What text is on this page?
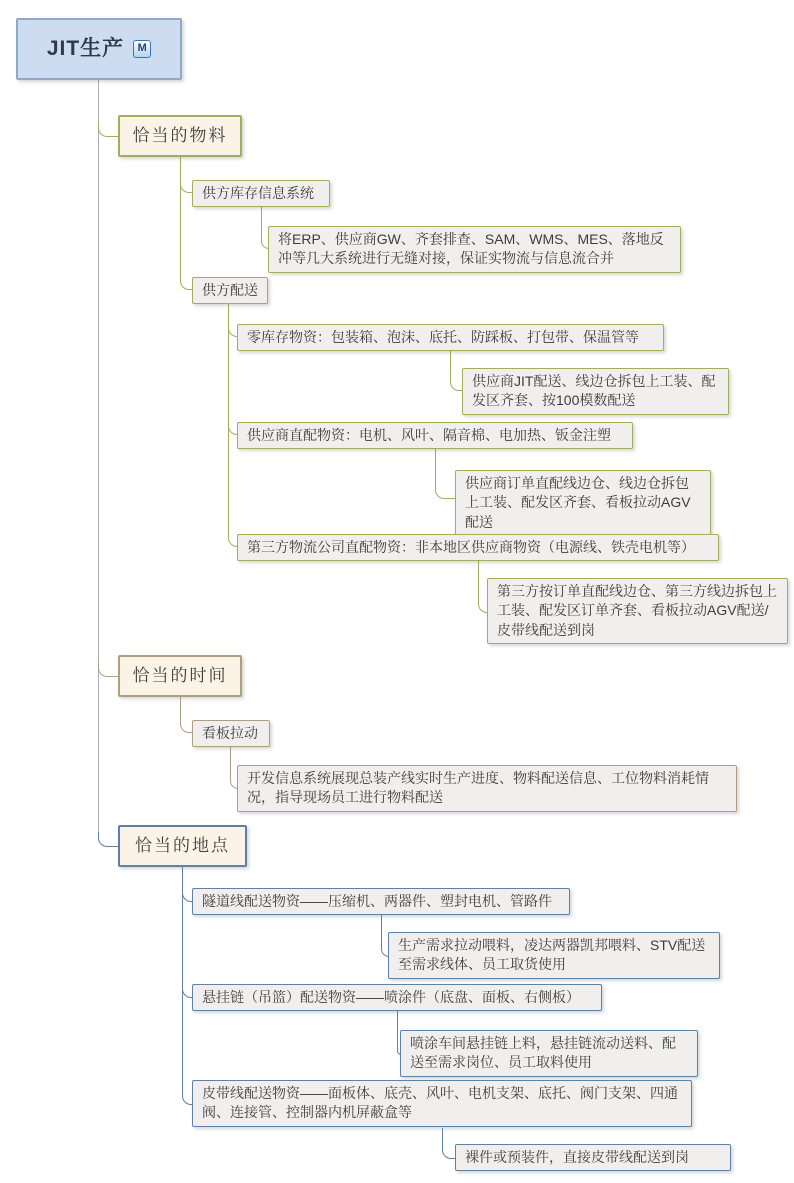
JIT生产	M
恰当的物料
供方库存信息系统
将ERP、供应商GW、齐套排查、SAM、WMS、MES、落地反冲等几大系统进行无缝对接，保证实物流与信息流合并
供方配送
零库存物资：包装箱、泡沫、底托、防踩板、打包带、保温管等
供应商JIT配送、线边仓拆包上工装、配发区齐套、按100模数配送
供应商直配物资：电机、风叶、隔音棉、电加热、钣金注塑
供应商订单直配线边仓、线边仓拆包上工装、配发区齐套、看板拉动AGV配送
第三方物流公司直配物资：非本地区供应商物资（电源线、铁壳电机等）
第三方按订单直配线边仓、第三方线边拆包上工装、配发区订单齐套、看板拉动AGV配送/皮带线配送到岗
恰当的时间
看板拉动
开发信息系统展现总装产线实时生产进度、物料配送信息、工位物料消耗情况，指导现场员工进行物料配送
恰当的地点
隧道线配送物资——压缩机、两器件、塑封电机、管路件
生产需求拉动喂料，凌达两器凯邦喂料、STV配送至需求线体、员工取货使用
悬挂链（吊篮）配送物资——喷涂件（底盘、面板、右侧板）
喷涂车间悬挂链上料，悬挂链流动送料、配送至需求岗位、员工取料使用
皮带线配送物资——面板体、底壳、风叶、电机支架、底托、阀门支架、四通阀、连接管、控制器内机屏蔽盒等
裸件或预装件，直接皮带线配送到岗
